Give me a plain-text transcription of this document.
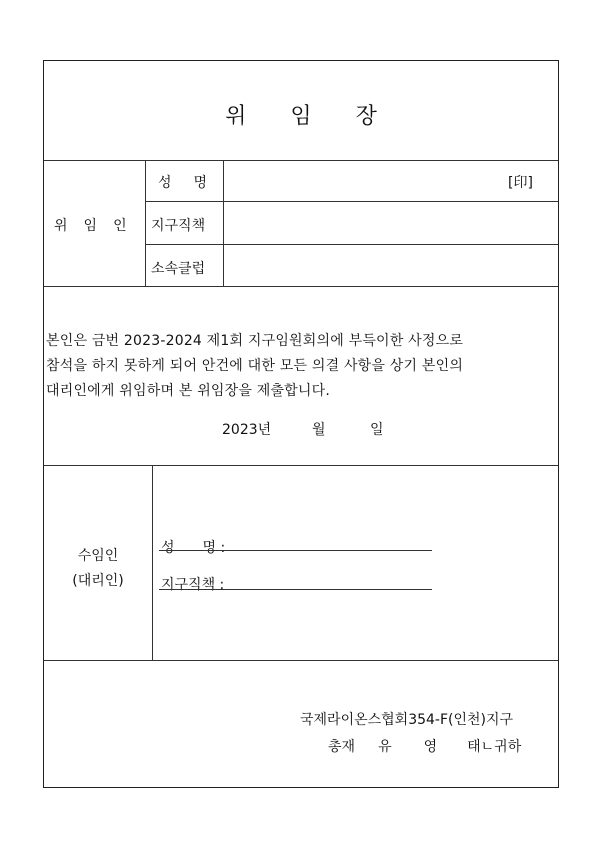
위 임 장
위 임 인
성 명	[印]
지구직책
소속클럽
본인은 금번 2023-2024 제1회 지구임원회의에 부득이한 사정으로
참석을 하지 못하게 되어 안건에 대한 모든 의결 사항을 상기 본인의
대리인에게 위임하며 본 위임장을 제출합니다.
2023년	월	일
수임인
(대리인)
성　　명 :
지구직책 :
국제라이온스협회354-F(인천)지구
총재 유 영 태ㄴ귀하
